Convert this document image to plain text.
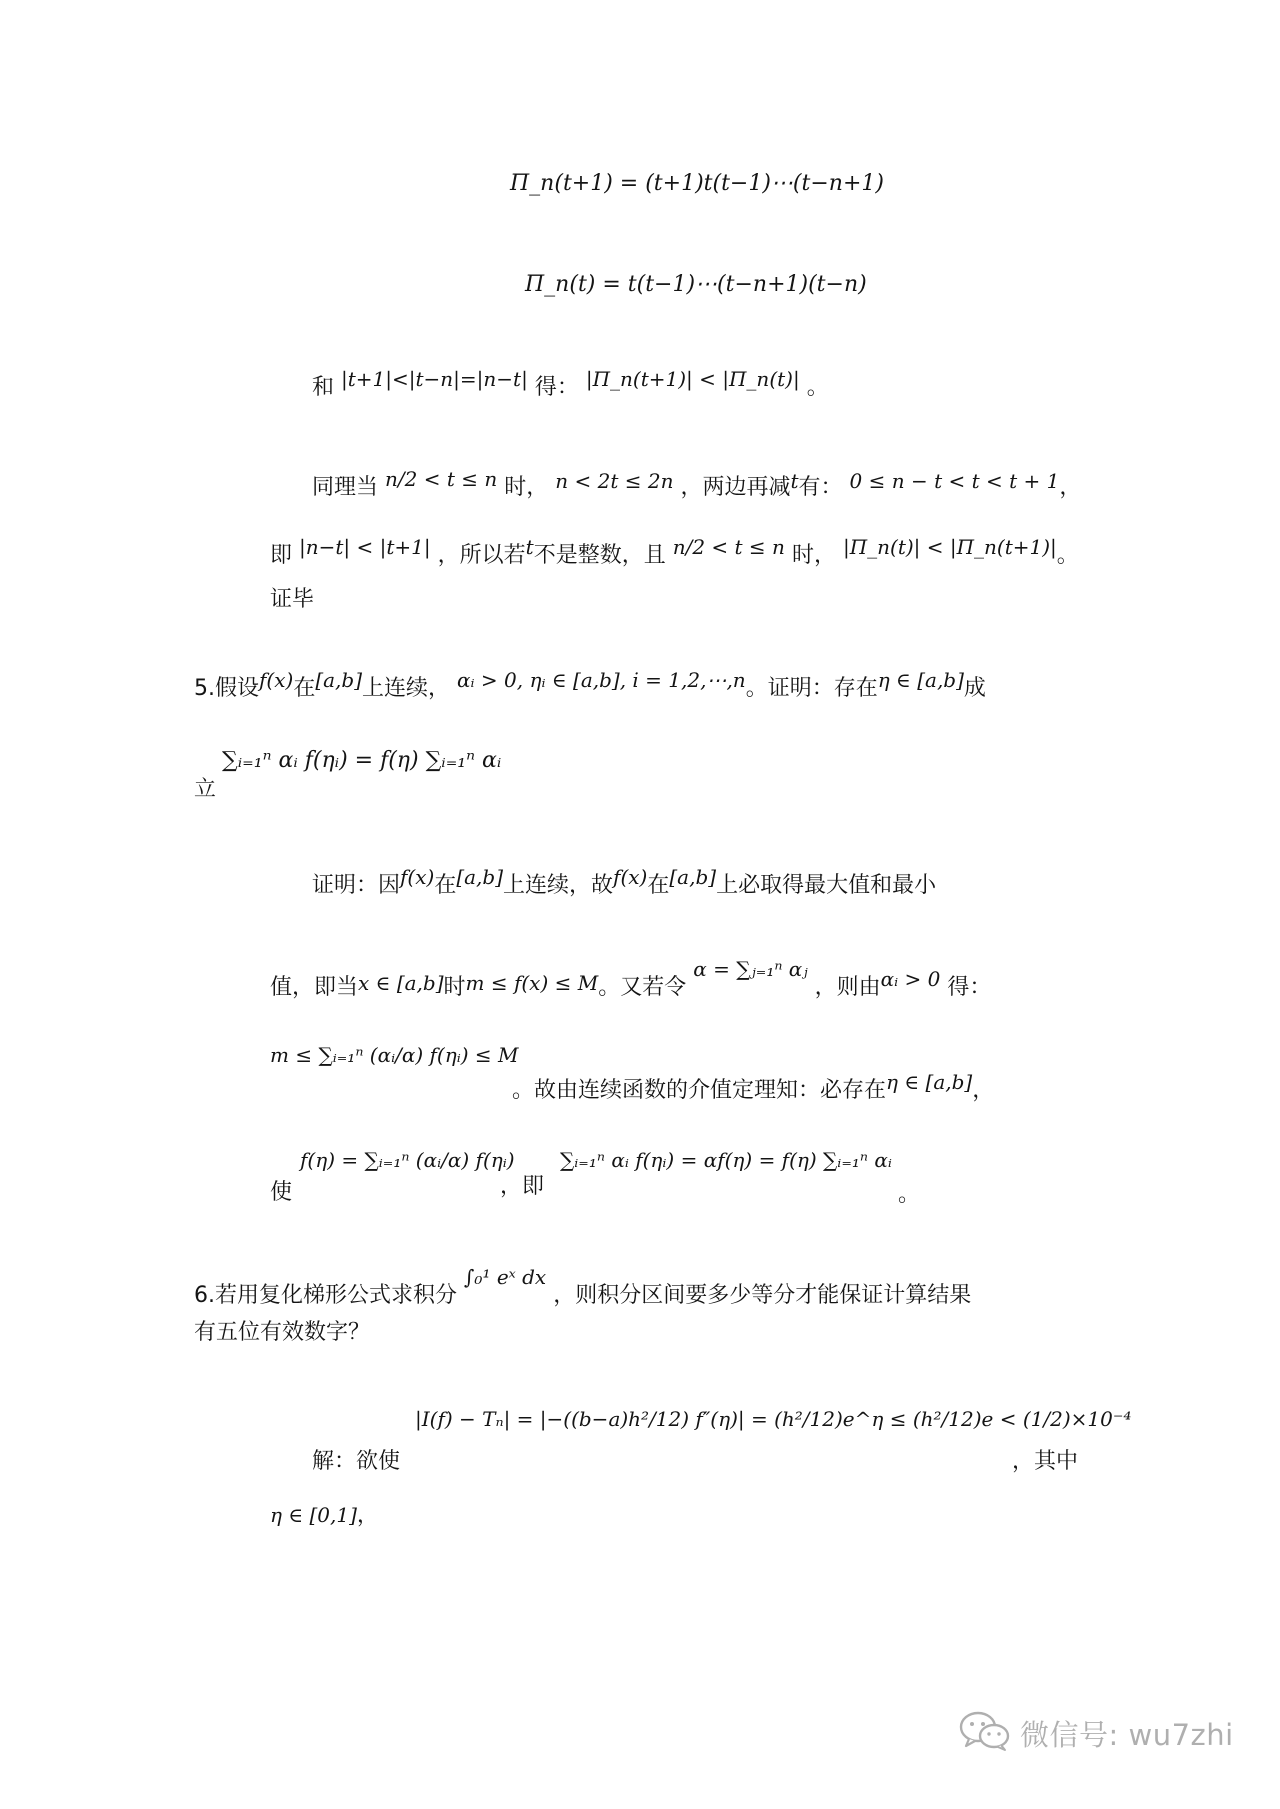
Π_n(t+1) = (t+1)t(t−1)⋯(t−n+1)
Π_n(t) = t(t−1)⋯(t−n+1)(t−n)
和 |t+1|<|t−n|=|n−t| 得： |Π_n(t+1)| < |Π_n(t)| 。
同理当 n/2 < t ≤ n 时， n < 2t ≤ 2n ，两边再减t有： 0 ≤ n − t < t < t + 1，
即 |n−t| < |t+1| ，所以若t不是整数，且 n/2 < t ≤ n 时， |Π_n(t)| < |Π_n(t+1)|。
证毕
5.假设f(x)在[a,b]上连续， αᵢ > 0, ηᵢ ∈ [a,b], i = 1,2,⋯,n。证明：存在η ∈ [a,b]成
立
∑ᵢ₌₁ⁿ αᵢ f(ηᵢ) = f(η) ∑ᵢ₌₁ⁿ αᵢ
证明：因f(x)在[a,b]上连续，故f(x)在[a,b]上必取得最大值和最小
值，即当x ∈ [a,b]时m ≤ f(x) ≤ M。又若令 α = ∑ⱼ₌₁ⁿ αⱼ ，则由αᵢ > 0 得：
m ≤ ∑ᵢ₌₁ⁿ (αᵢ/α) f(ηᵢ) ≤ M
。故由连续函数的介值定理知：必存在η ∈ [a,b]，
使
f(η) = ∑ᵢ₌₁ⁿ (αᵢ/α) f(ηᵢ)
，即
∑ᵢ₌₁ⁿ αᵢ f(ηᵢ) = αf(η) = f(η) ∑ᵢ₌₁ⁿ αᵢ
。
6.若用复化梯形公式求积分 ∫₀¹ eˣ dx ，则积分区间要多少等分才能保证计算结果
有五位有效数字？
解：欲使
|I(f) − Tₙ| = |−((b−a)h²/12) f″(η)| = (h²/12)e^η ≤ (h²/12)e < (1/2)×10⁻⁴
，其中
η ∈ [0,1]，
微信号: wu7zhi
